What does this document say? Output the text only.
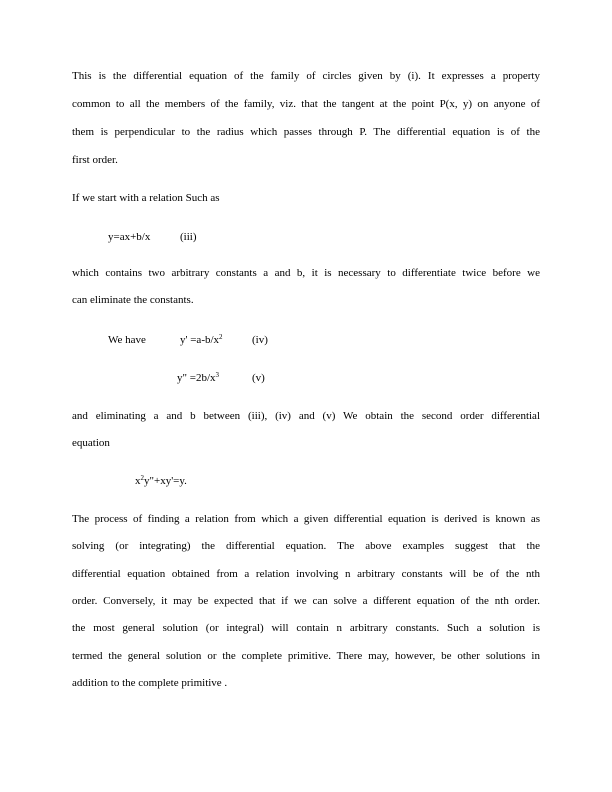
This is the differential equation of the family of circles given by (i). It expresses a property
common to all the members of the family, viz. that the tangent at the point P(x, y) on anyone of
them is perpendicular to the radius which passes through P. The differential equation is of the
first order.
If we start with a relation Such as
y=ax+b/x	(iii)
which contains two arbitrary constants a and b, it is necessary to differentiate twice before we
can eliminate the constants.
We have	$y' =a-b/x^2$	(iv)
y" $=2b/x^3$	(v)
and eliminating a and b between (iii), (iv) and (v) We obtain the second order differential
equation
$x^2y"+xy'=y$.
The process of finding a relation from which a given differential equation is derived is known as
solving (or integrating) the differential equation. The above examples suggest that the
differential equation obtained from a relation involving n arbitrary constants will be of the nth
order. Conversely, it may be expected that if we can solve a different equation of the nth order.
the most general solution (or integral) will contain n arbitrary constants. Such a solution is
termed the general solution or the complete primitive. There may, however, be other solutions in
addition to the complete primitive .
